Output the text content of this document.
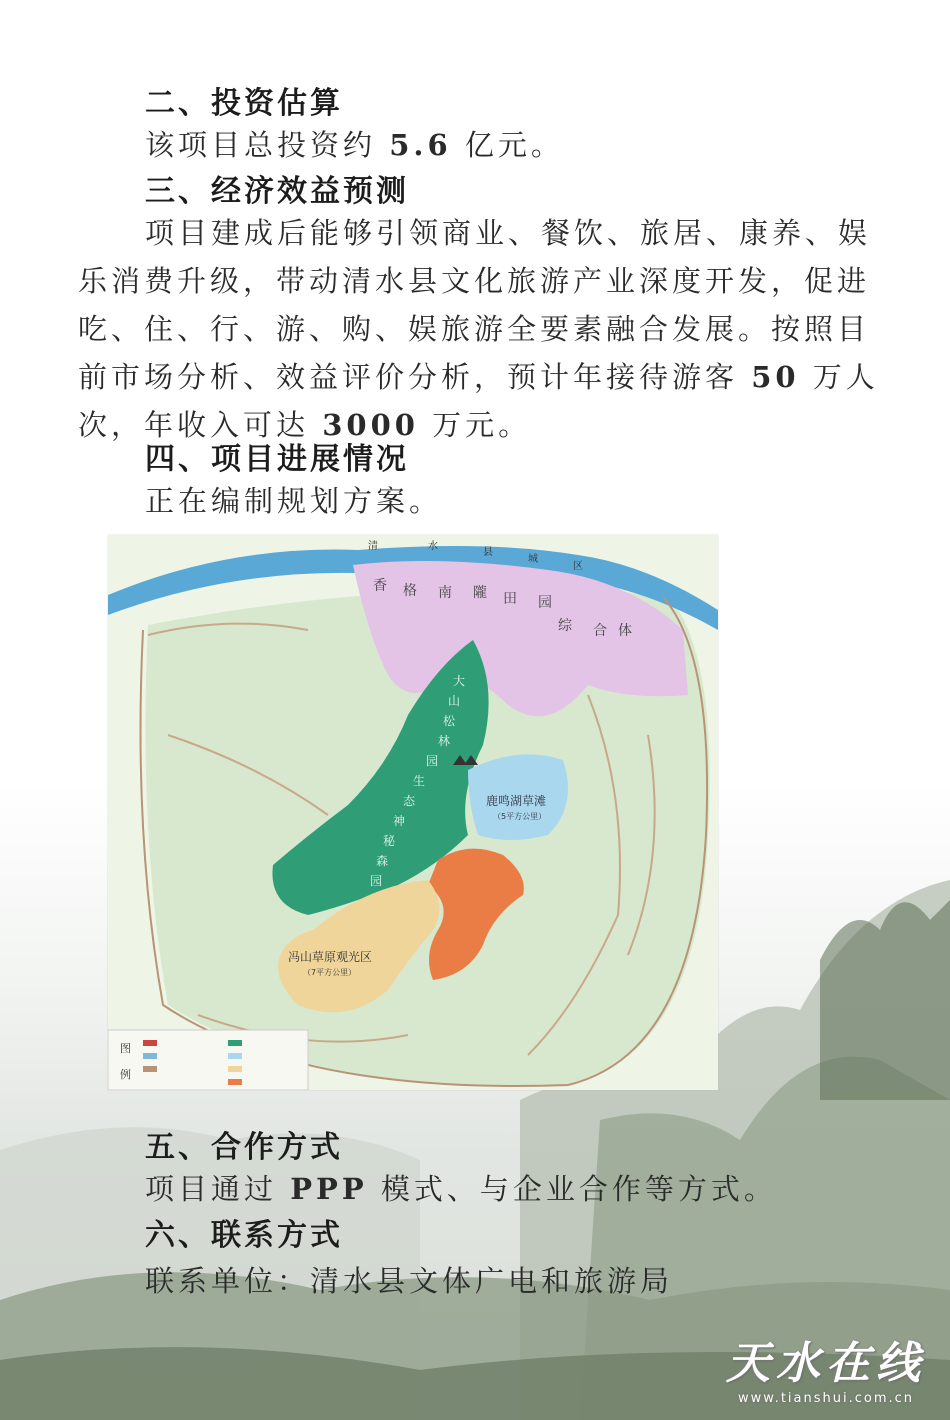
二、投资估算
该项目总投资约 5.6 亿元。
三、经济效益预测
项目建成后能够引领商业、餐饮、旅居、康养、娱
乐消费升级，带动清水县文化旅游产业深度开发，促进
吃、住、行、游、购、娱旅游全要素融合发展。按照目
前市场分析、效益评价分析，预计年接待游客 50 万人
次，年收入可达 3000 万元。
四、项目进展情况
正在编制规划方案。
图
例
清	水
县
城
区
香 格 南 隴 田 园
综 合 体
大
山
松
林
园
生
态
神
秘
森
园
鹿鸣湖草滩
（5平方公里）
冯山草原观光区
（7平方公里）
五、合作方式
项目通过 PPP 模式、与企业合作等方式。
六、联系方式
联系单位：清水县文体广电和旅游局
天水在线
www.tianshui.com.cn
